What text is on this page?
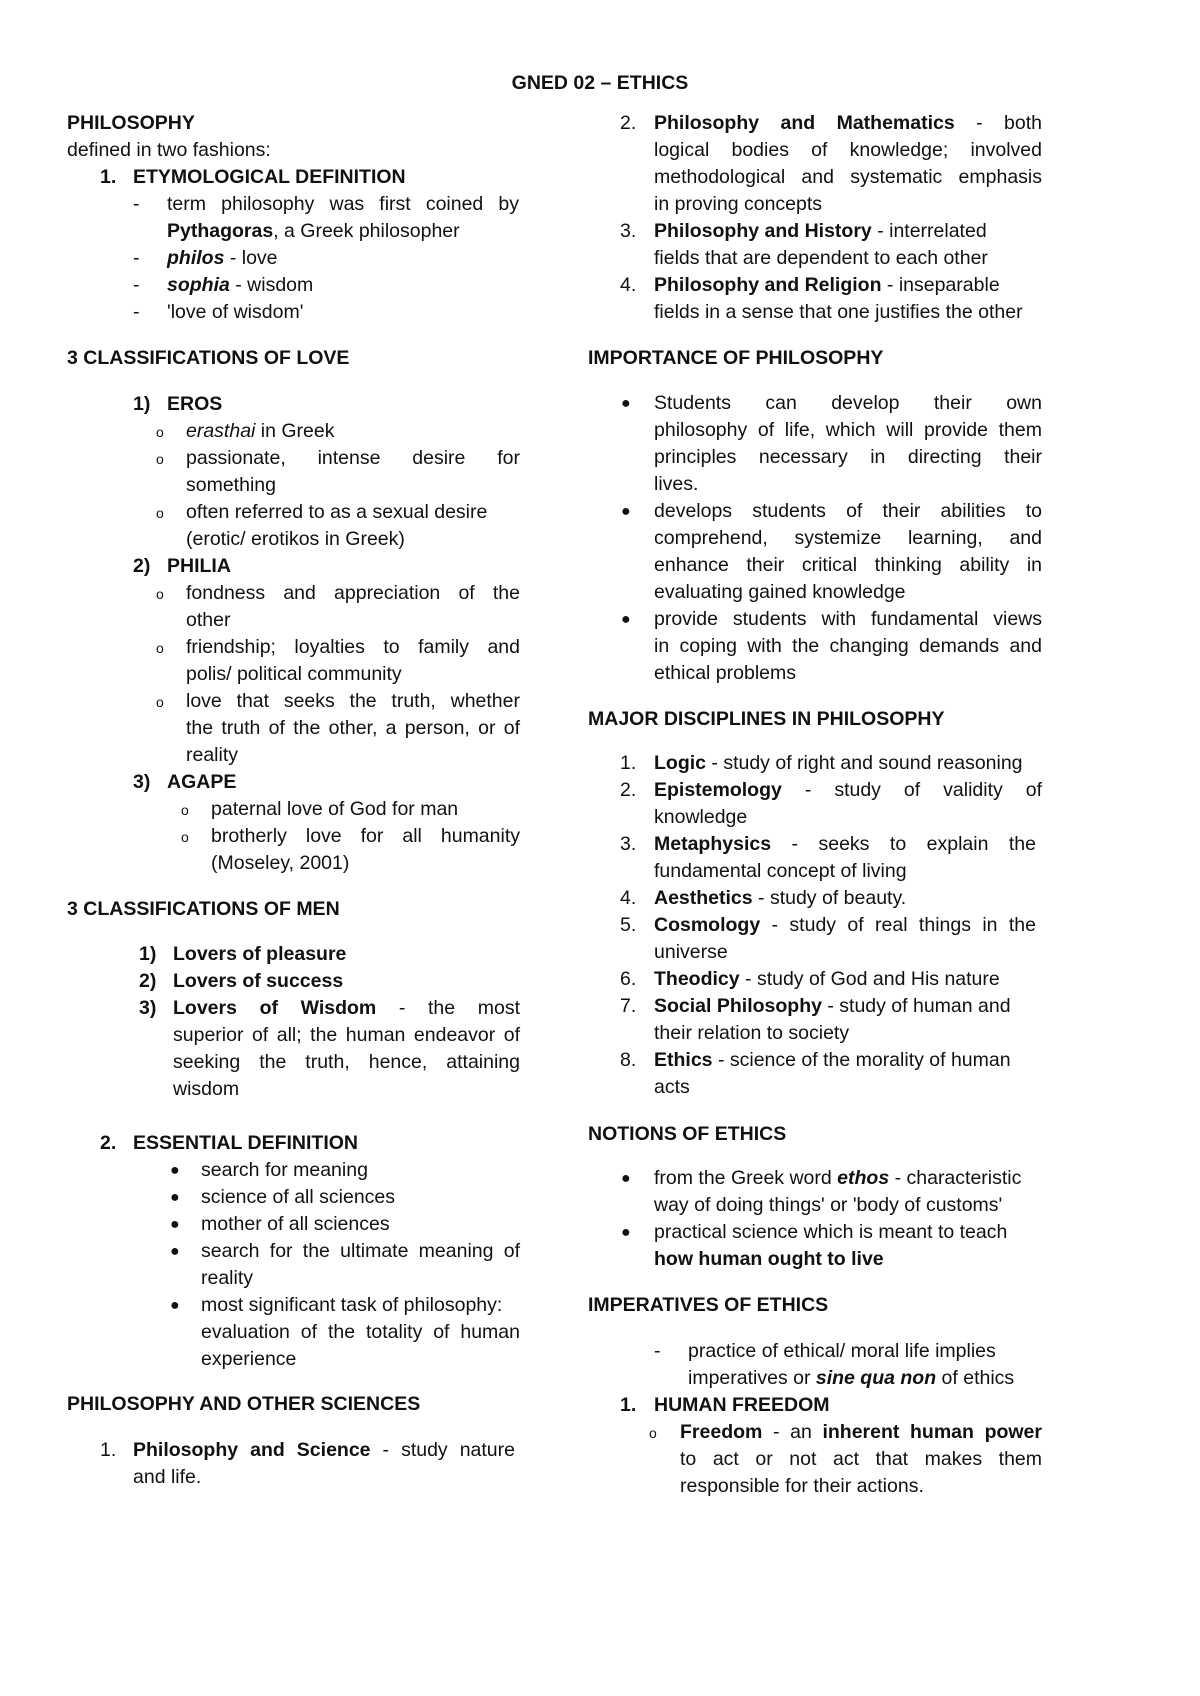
GNED 02 – ETHICS
PHILOSOPHY
defined in two fashions:
1. ETYMOLOGICAL DEFINITION
- term philosophy was first coined by
Pythagoras, a Greek philosopher
- philos - love
- sophia - wisdom
- 'love of wisdom'
3 CLASSIFICATIONS OF LOVE
1) EROS
o erasthai in Greek
o passionate, intense desire for
something
o often referred to as a sexual desire
(erotic/ erotikos in Greek)
2) PHILIA
o fondness and appreciation of the
other
o friendship; loyalties to family and
polis/ political community
o love that seeks the truth, whether
the truth of the other, a person, or of
reality
3) AGAPE
o paternal love of God for man
o brotherly love for all humanity
(Moseley, 2001)
3 CLASSIFICATIONS OF MEN
1) Lovers of pleasure
2) Lovers of success
3) Lovers of Wisdom - the most
superior of all; the human endeavor of
seeking the truth, hence, attaining
wisdom
2. ESSENTIAL DEFINITION
● search for meaning
● science of all sciences
● mother of all sciences
● search for the ultimate meaning of
reality
● most significant task of philosophy:
evaluation of the totality of human
experience
PHILOSOPHY AND OTHER SCIENCES
1. Philosophy and Science - study nature
and life.
2. Philosophy and Mathematics - both
logical bodies of knowledge; involved
methodological and systematic emphasis
in proving concepts
3. Philosophy and History - interrelated
fields that are dependent to each other
4. Philosophy and Religion - inseparable
fields in a sense that one justifies the other
IMPORTANCE OF PHILOSOPHY
● Students can develop their own
philosophy of life, which will provide them
principles necessary in directing their
lives.
● develops students of their abilities to
comprehend, systemize learning, and
enhance their critical thinking ability in
evaluating gained knowledge
● provide students with fundamental views
in coping with the changing demands and
ethical problems
MAJOR DISCIPLINES IN PHILOSOPHY
1. Logic - study of right and sound reasoning
2. Epistemology - study of validity of
knowledge
3. Metaphysics - seeks to explain the
fundamental concept of living
4. Aesthetics - study of beauty.
5. Cosmology - study of real things in the
universe
6. Theodicy - study of God and His nature
7. Social Philosophy - study of human and
their relation to society
8. Ethics - science of the morality of human
acts
NOTIONS OF ETHICS
● from the Greek word ethos - characteristic
way of doing things' or 'body of customs'
● practical science which is meant to teach
how human ought to live
IMPERATIVES OF ETHICS
- practice of ethical/ moral life implies
imperatives or sine qua non of ethics
1. HUMAN FREEDOM
o Freedom - an inherent human power
to act or not act that makes them
responsible for their actions.
